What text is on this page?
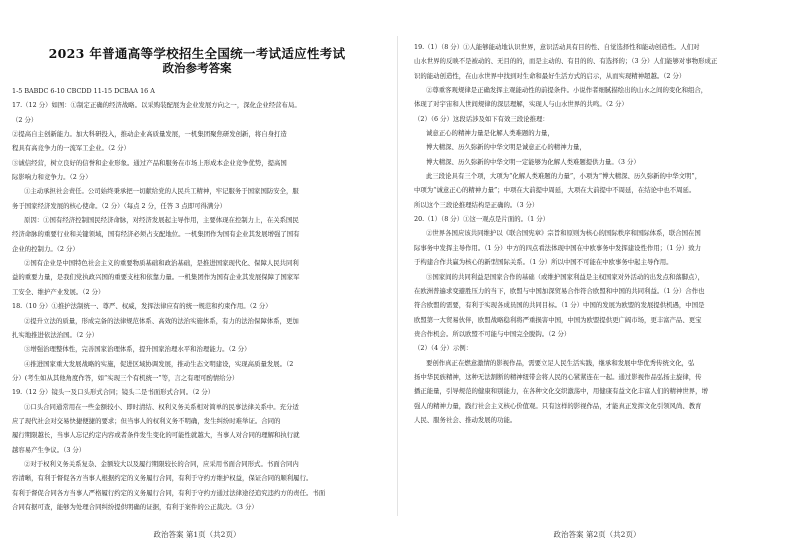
2023 年普通高等学校招生全国统一考试适应性考试
政治参考答案
1-5 BABDC 6-10 CBCDD 11-15 DCBAA 16 A
17.（12 分）如图：①制定正确的经济战略。以采购装配展为企业发展方向之一，深化企业经营布局。
（2 分）
②提高自主创新能力。加大科研投入，推动企业高质量发展，一机集团聚焦研发创新，将自身打造
程具有高竞争力的一流军工企业。（2 分）
③诚信经营，树立良好的信誉和企业形象。通过产品和服务在市场上形成本企业竞争优势，提高国
际影响力和竞争力。（2 分）
①主动承担社会责任。公司始终秉承把一切献给党的人民兵工精神，牢记服务于国家国防安全，服
务于国家经济发展的核心使命。（2 分）（每点 2 分，任答 3 点即可得满分）
原因：①国有经济控制国民经济命脉，对经济发展起主导作用，主要体现在控制力上，在关系国民
经济命脉的重要行业和关键领域，国有经济必须占支配地位。一机集团作为国有企业其发展增强了国有
企业的控制力。（2 分）
②国有企业是中国特色社会主义的重要物质基础和政治基础，是推进国家现代化、保障人民共同利
益的重要力量，是我们党执政兴国的重要支柱和依靠力量。一机集团作为国有企业其发展保障了国家军
工安全、维护产业发展。（2 分）
18.（10 分）①推护法制统一、尊严、权威，发挥法律应有的统一规范和约束作用。（2 分）
②提升立法的质量，形成完备的法律规范体系、高效的法治实施体系，有力的法治保障体系，更加
扎实地推进依法治国。（2 分）
③增强治理整体性，完善国家治理体系，提升国家治理水平和治理能力。（2 分）
④推进国家重大发展战略的实施，促进区域协调发展，推动生态文明建设，实现高质量发展。（2
分）(考生如从其他角度作答，如“实现三个有机统一”等，言之有理可酌情给分）
19.（12 分）镜头一及口头形式合同；镜头二是书面形式合同。（2 分）
①口头合同通常用在一些金额较小、即时清结、权利义务关系相对简单的民事法律关系中。充分适
应了现代社会对交易快捷便捷的要求；但当事人的权利义务不明确，发生纠纷时难举证。合同的
履行期限越长，当事人忘记约定内容或者条件发生变化的可能性就越大，当事人对合同的理解和执行就
越容易产生争议。（3 分）
②对于权利义务关系复杂、金额较大以及履行期限较长的合同，应采用书面合同形式。书面合同内
容清晰，有利于督促各方当事人根据约定的义务履行合同，有利于守约方维护权益，保证合同的顺利履行。
有利于督促合同各方当事人严格履行约定的义务履行合同，有利于守约方通过法律途径追究违约方的责任。书面
合同有据可查，能够为处理合同纠纷提供明确的证据，有利于案件的公正裁决。（3 分）
政治答案 第1页（共2页）
19.（1）（8 分）①人能够能动地认识世界，意识活动具有目的性、自觉选择性和能动创造性。人们对
山水世界的反映不是被动的、无目的的，而是主动的、有目的的、有选择的；（3 分）人们能够对事物形成正
识的能动创造性，在山水世界中找到对生命和最好生活方式的启示，从而实现精神超越。（2 分）
②尊重客观规律是正确发挥主观能动性的前提条件。小说作者细腻描绘出的山水之间的变化和组合，
体现了对宇宙和人世间规律的深层理解，实现人与山水世界的共鸣。（2 分）
（2）（6 分）这段话涉及如下有效三段论推理：
诚意正心的精神力量是化解人类难题的力量，
博大精深、历久弥新的中华文明是诚意正心的精神力量，
博大精深、历久弥新的中华文明一定能够为化解人类难题提供力量。（3 分）
此三段论具有三个项，大项为“化解人类难题的力量”，小项为“博大精深、历久弥新的中华文明”，
中项为“诚意正心的精神力量”；中项在大前提中周延，大项在大前提中不周延，在结论中也不周延。
所以这个三段论推理结构是正确的。（3 分）
20.（1）（8 分）①这一观点是片面的。（1 分）
②世界各国应该共同维护以《联合国宪章》宗旨和原则为核心的国际秩序和国际体系，联合国在国
际事务中发挥主导作用。（1 分）中方的四点看法体现中国在中欧事务中发挥建设性作用；（1 分）致力
于构建合作共赢为核心的新型国际关系。（1 分）所以中国不可能在中欧事务中起主导作用。
③国家间的共同利益是国家合作的基础（或维护国家利益是主权国家对外活动的出发点和落脚点），
在欧洲普遍求变避胜压力的当下，欧盟与中国加深贸易合作符合欧盟和中国的共同利益。（1 分）合作也
符合欧盟的需要，有利于实现各成员国的共同目标。（1 分）中国的发展为欧盟的发展提供机遇，中国是
欧盟第一大贸易伙伴，欧盟战略稳利将严重损害中国，中国为欧盟提供更广阔市场，更丰富产品、更宝
贵合作机会。所以欧盟不可能与中国完全脱钩。（2 分）
（2）（4 分）示例：
要创作真正在燃意激情的影视作品，需要立足人民生活实践，继承和发展中华优秀传统文化，弘
扬中华民族精神，这种无法割断的精神纽带会将人民的心紧紧连在一起。通过影视作品弘扬主旋律，传
播正能量，引导规范的健康和别能力，在各种文化交织激荡中，用健康有益文化丰富人们的精神世界，增
强人的精神力量，践行社会主义核心价值观。只有这样的影视作品，才能真正发挥文化引领风尚、教育
人民、服务社会、推动发展的功能。
政治答案 第2页（共2页）
